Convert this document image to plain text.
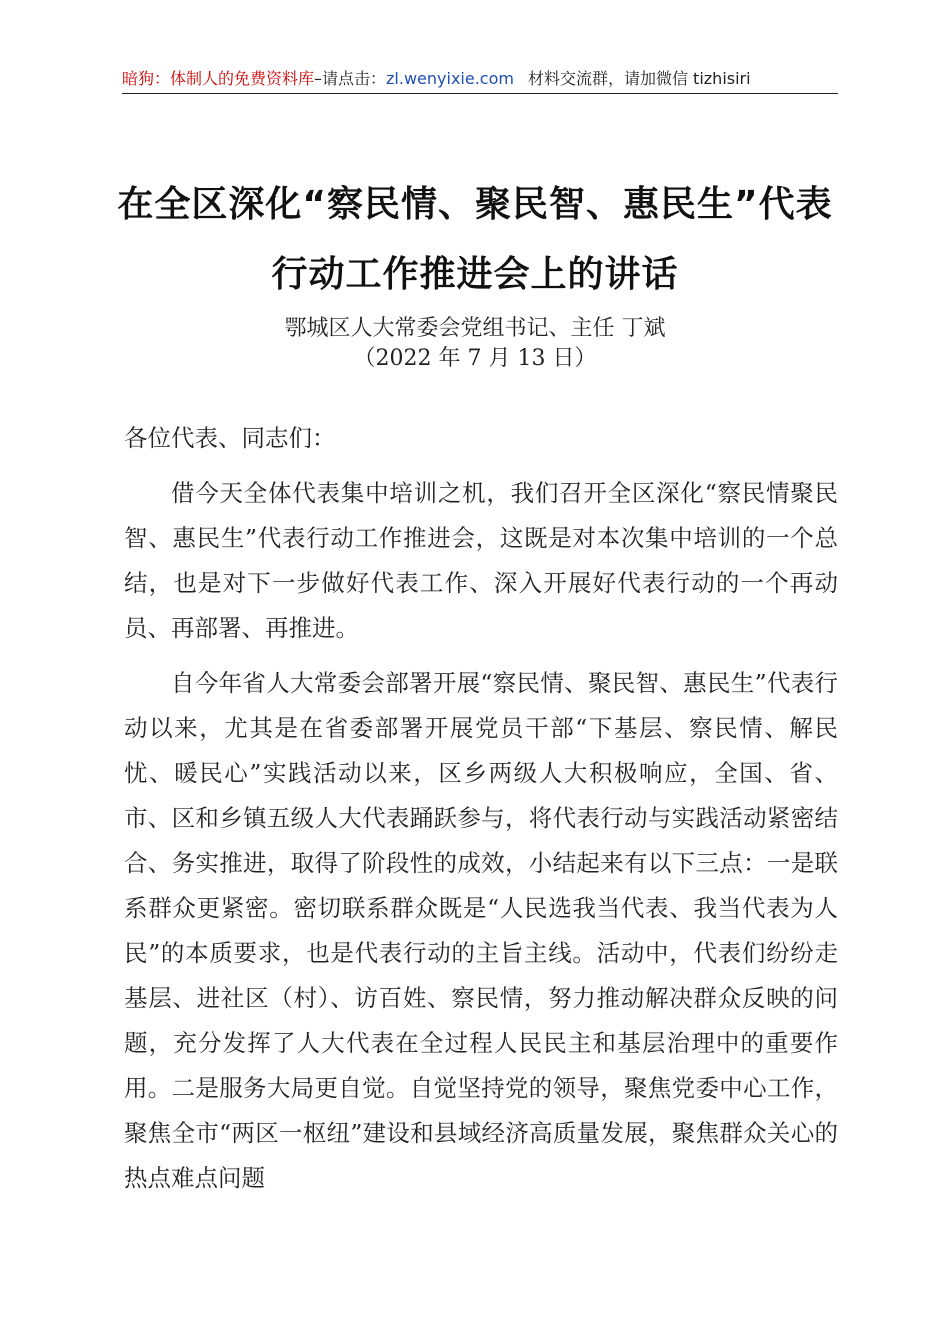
暗狗：体制人的免费资料库–请点击：zl.wenyixie.com 材料交流群，请加微信 tizhisiri
在全区深化“察民情、聚民智、惠民生”代表
行动工作推进会上的讲话
鄂城区人大常委会党组书记、主任 丁斌
（2022 年 7 月 13 日）

各位代表、同志们：

借今天全体代表集中培训之机，我们召开全区深化“察民情聚民智、惠民生”代表行动工作推进会，这既是对本次集中培训的一个总结，也是对下一步做好代表工作、深入开展好代表行动的一个再动员、再部署、再推进。

自今年省人大常委会部署开展“察民情、聚民智、惠民生”代表行动以来，尤其是在省委部署开展党员干部“下基层、察民情、解民忧、暖民心”实践活动以来，区乡两级人大积极响应，全国、省、市、区和乡镇五级人大代表踊跃参与，将代表行动与实践活动紧密结合、务实推进，取得了阶段性的成效，小结起来有以下三点：一是联系群众更紧密。密切联系群众既是“人民选我当代表、我当代表为人民”的本质要求，也是代表行动的主旨主线。活动中，代表们纷纷走基层、进社区（村）、访百姓、察民情，努力推动解决群众反映的问题，充分发挥了人大代表在全过程人民民主和基层治理中的重要作用。二是服务大局更自觉。自觉坚持党的领导，聚焦党委中心工作，聚焦全市“两区一枢纽”建设和县域经济高质量发展，聚焦群众关心的热点难点问题
